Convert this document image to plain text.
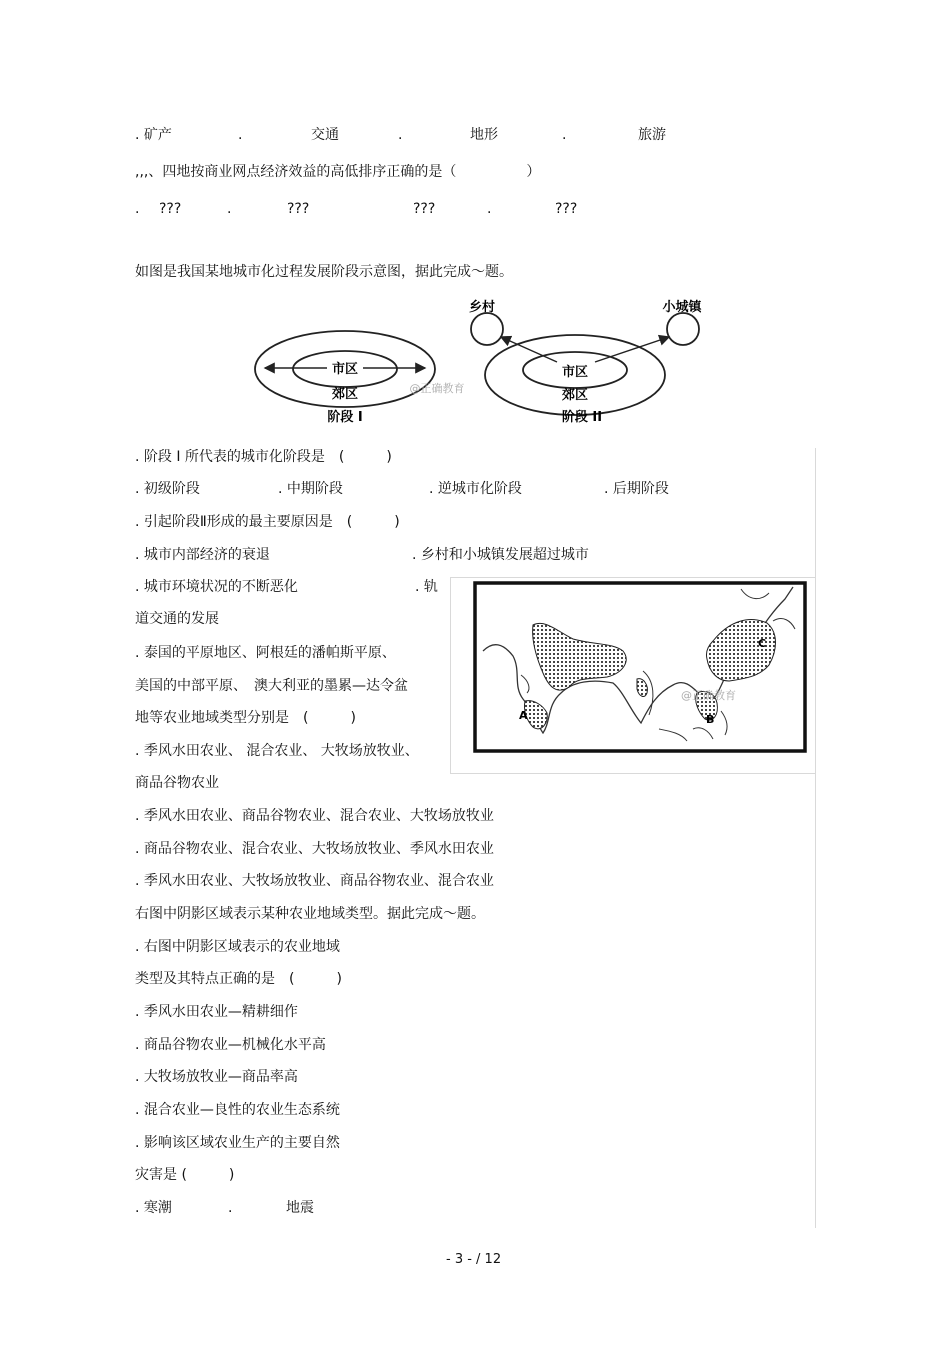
. 矿产	.	交通	.	地形	.	旅游
,,,、四地按商业网点经济效益的高低排序正确的是（　　　　　）
. ???	.	???	???	.	???
如图是我国某地城市化过程发展阶段示意图，据此完成～题。
市区
郊区
阶段 I
@正确教育
乡村	小城镇
市区
郊区
阶段 II
. 阶段 I 所代表的城市化阶段是　(　　　)
. 初级阶段	. 中期阶段	. 逆城市化阶段	. 后期阶段
. 引起阶段Ⅱ形成的最主要原因是　(　　　)
. 城市内部经济的衰退	. 乡村和小城镇发展超过城市
. 城市环境状况的不断恶化	. 轨
道交通的发展
. 泰国的平原地区、阿根廷的潘帕斯平原、
美国的中部平原、　澳大利亚的墨累—达令盆
地等农业地域类型分别是　(　　　)
. 季风水田农业、 混合农业、 大牧场放牧业、
商品谷物农业
. 季风水田农业、商品谷物农业、混合农业、大牧场放牧业
. 商品谷物农业、混合农业、大牧场放牧业、季风水田农业
. 季风水田农业、大牧场放牧业、商品谷物农业、混合农业
A	B
C
@正确教育
右图中阴影区域表示某种农业地域类型。据此完成～题。
. 右图中阴影区域表示的农业地域
类型及其特点正确的是　(　　　)
. 季风水田农业—精耕细作
. 商品谷物农业—机械化水平高
. 大牧场放牧业—商品率高
. 混合农业—良性的农业生态系统
. 影响该区域农业生产的主要自然
灾害是 (　　　)
. 寒潮	.	地震
- 3 - / 12
